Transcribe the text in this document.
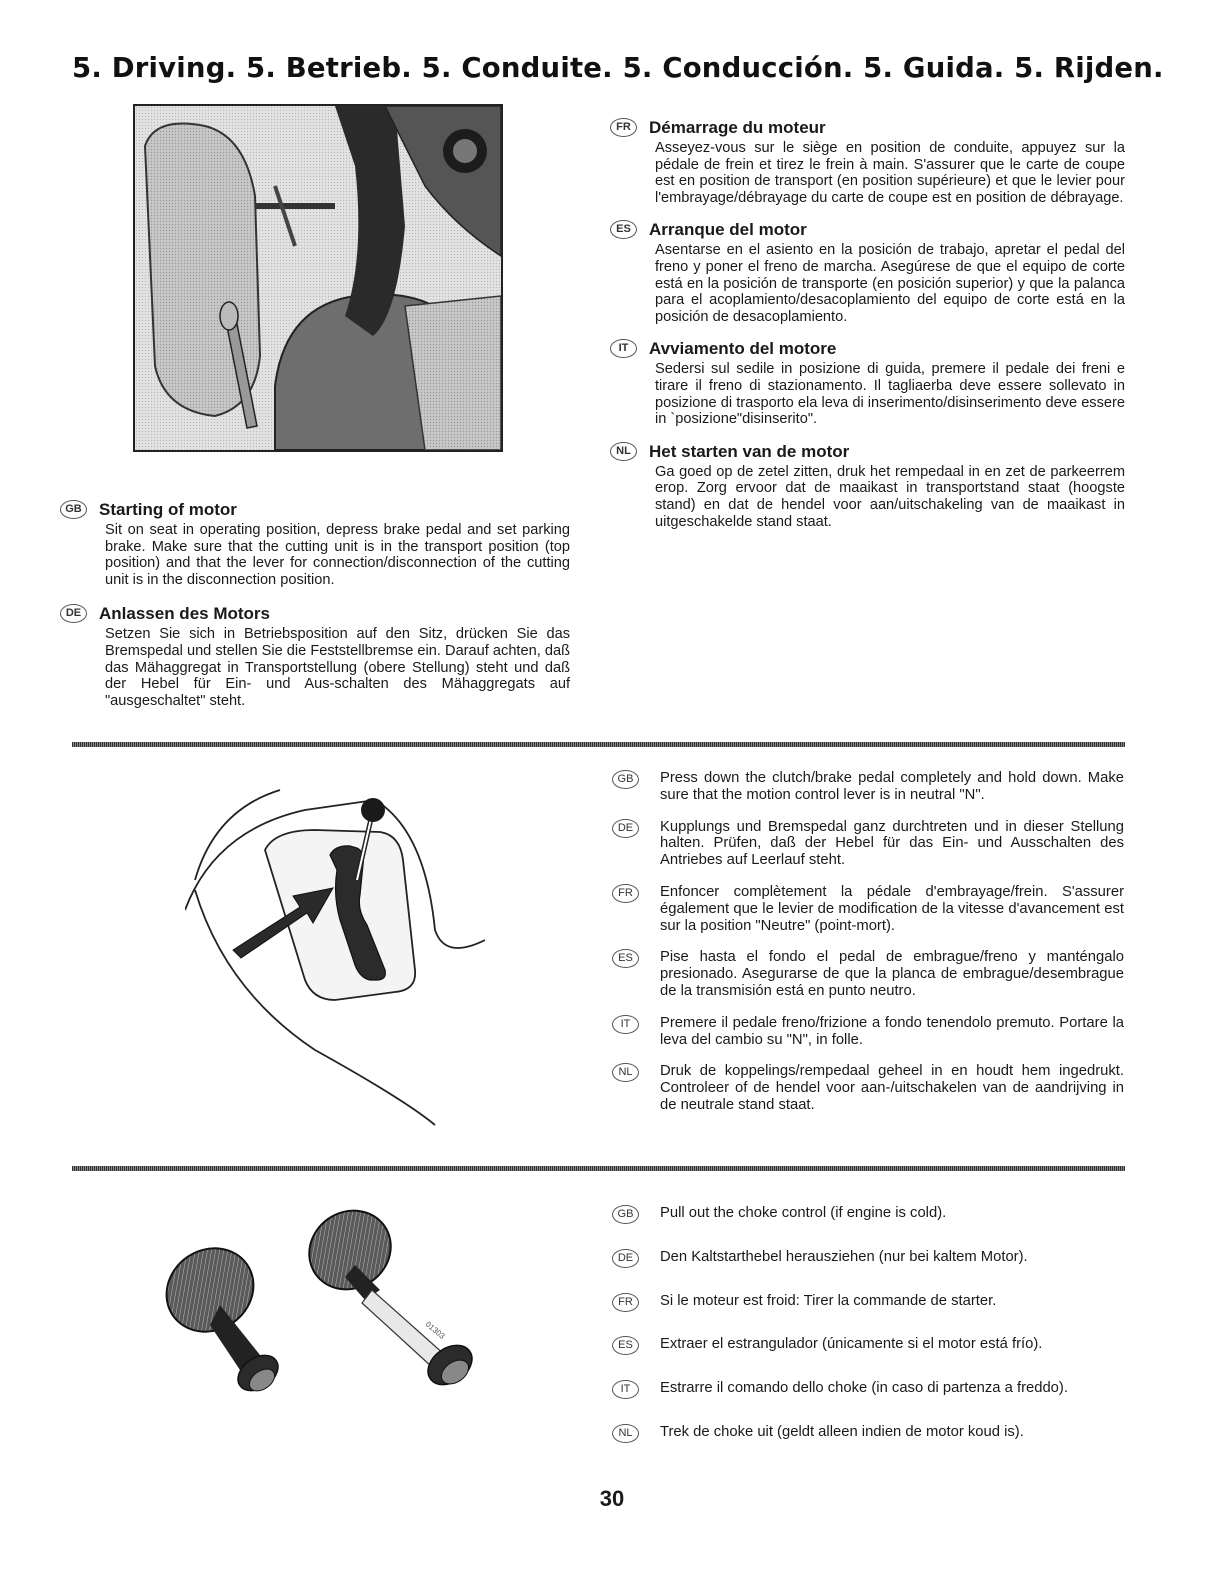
5. Driving. 5. Betrieb. 5. Conduite. 5. Conducción. 5. Guida. 5. Rijden.
GB Starting of motor

Sit on seat in operating position, depress brake pedal and set parking brake. Make sure that the cutting unit is in the transport position (top position) and that the lever for connection/disconnection of the cutting unit is in the disconnection position.

DE Anlassen des Motors

Setzen Sie sich in Betriebsposition auf den Sitz, drücken Sie das Bremspedal und stellen Sie die Feststellbremse ein. Darauf achten, daß das Mähaggregat in Transportstellung (obere Stellung) steht und daß der Hebel für Ein- und Aus-schalten des Mähaggregats auf "ausgeschaltet" steht.

FR Démarrage du moteur

Asseyez-vous sur le siège en position de conduite, appuyez sur la pédale de frein et tirez le frein à main. S'assurer que le carte de coupe est en position de transport (en position supérieure) et que le levier pour l'embrayage/débrayage du carte de coupe est en position de débrayage.

ES Arranque del motor

Asentarse en el asiento en la posición de trabajo, apretar el pedal del freno y poner el freno de marcha. Asegúrese de que el equipo de corte está en la posición de transporte (en posición superior) y que la palanca para el acoplamiento/desacoplamiento del equipo de corte está en la posición de desacoplamiento.

IT Avviamento del motore

Sedersi sul sedile in posizione di guida, premere il pedale dei freni e tirare il freno di stazionamento. Il tagliaerba deve essere sollevato in posizione di trasporto ela leva di inserimento/disinserimento deve essere in `posizione"disinserito".

NL Het starten van de motor

Ga goed op de zetel zitten, druk het rempedaal in en zet de parkeerrem erop. Zorg ervoor dat de maaikast in transportstand staat (hoogste stand) en dat de hendel voor aan/uitschakeling van de maaikast in uitgeschakelde stand staat.

GB	Press down the clutch/brake pedal completely and hold down. Make sure that the motion control lever is in neutral "N".
DE	Kupplungs und Bremspedal ganz durchtreten und in dieser Stellung halten. Prüfen, daß der Hebel für das Ein- und Ausschalten des Antriebes auf Leerlauf steht.
FR	Enfoncer complètement la pédale d'embrayage/frein. S'assurer également que le levier de modification de la vitesse d'avancement est sur la position "Neutre" (point-mort).
ES	Pise hasta el fondo el pedal de embrague/freno y manténgalo presionado. Asegurarse de que la planca de embrague/desembrague de la transmisión está en punto neutro.
IT	Premere il pedale freno/frizione a fondo tenendolo premuto. Portare la leva del cambio su "N", in folle.
NL	Druk de koppelings/rempedaal geheel in en houdt hem ingedrukt. Controleer of de hendel voor aan-/uitschakelen van de aandrijving in de neutrale stand staat.
01303
GB	Pull out the choke control (if engine is cold).
DE	Den Kaltstarthebel herausziehen (nur bei kaltem Motor).
FR	Si le moteur est froid: Tirer la commande de starter.
ES	Extraer el estrangulador (únicamente si el motor está frío).
IT	Estrarre il comando dello choke (in caso di partenza a freddo).
NL	Trek de choke uit (geldt alleen indien de motor koud is).
30
